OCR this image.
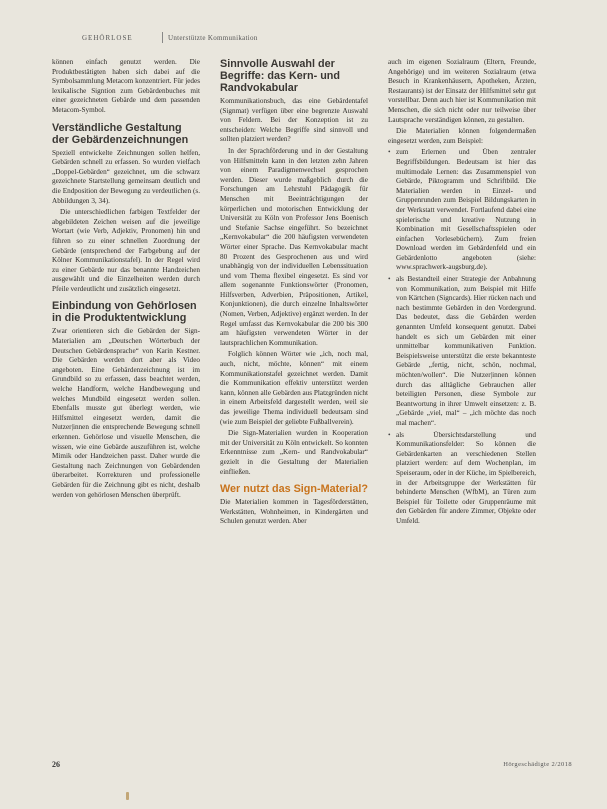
GEHÖRLOSE	Unterstützte Kommunikation

können einfach genutzt werden. Die Produktbestätigten haben sich dabei auf die Symbolsammlung Metacom konzentriert. Für jedes lexikalische Signtion zum Gebärdenbuches mit einer gezeichneten Gebärde und dem passenden Metacom-Symbol.

Verständliche Gestaltung der Gebärdenzeichnungen

Speziell entwickelte Zeichnungen sollen helfen, Gebärden schnell zu erfassen. So wurden vielfach „Doppel-Gebärden“ gezeichnet, um die schwarz gezeichnete Startstellung gemeinsam deutlich und die Endposition der Bewegung zu verdeutlichen (s. Abbildungen 3, 34).

Die unterschiedlichen farbigen Textfelder der abgebildeten Zeichen weisen auf die jeweilige Wortart (wie Verb, Adjektiv, Pronomen) hin und führen so zu einer schnellen Zuordnung der Gebärde (entsprechend der Farbgebung auf der Kölner Kommunikationstafel). In der Regel wird zu einer Gebärde nur das benannte Handzeichen ausgewählt und die Einzelheiten werden durch Pfeile verdeutlicht und zusätzlich eingesetzt.

Einbindung von Gehörlosen in die Produktentwicklung

Zwar orientieren sich die Gebärden der Sign-Materialien am „Deutschen Wörterbuch der Deutschen Gebärdensprache“ von Karin Kestner. Die Gebärden werden dort aber als Video angeboten. Eine Gebärdenzeichnung ist im Grundbild so zu erfassen, dass beachtet werden, welche Handform, welche Handbewegung und welches Mundbild eingesetzt werden sollen. Ebenfalls musste gut überlegt werden, wie Hilfsmittel eingesetzt werden, damit die Nutzer|innen die entsprechende Bewegung schnell erkennen. Gehörlose und visuelle Menschen, die wissen, wie eine Gebärde auszuführen ist, welche Mimik oder Handzeichen passt. Daher wurde die Gestaltung nach Zeichnungen von Gebärdenden überarbeitet. Korrekturen und professionelle Gebärden für die Zeichnung gibt es nicht, deshalb werden von gehörlosen Menschen überprüft.

Sinnvolle Auswahl der Begriffe: das Kern- und Randvokabular

Kommunikationsbuch, das eine Gebärdentafel (Signmat) verfügen über eine begrenzte Auswahl von Feldern. Bei der Konzeption ist zu entscheiden: Welche Begriffe sind sinnvoll und sollten platziert werden?

In der Sprachförderung und in der Gestaltung von Hilfsmitteln kann in den letzten zehn Jahren von einem Paradigmenwechsel gesprochen werden. Dieser wurde maßgeblich durch die Forschungen am Lehrstuhl Pädagogik für Menschen mit Beeinträchtigungen der körperlichen und motorischen Entwicklung der Universität zu Köln von Professor Jens Boenisch und Stefanie Sachse eingeführt. So bezeichnet „Kernvokabular“ die 200 häufigsten verwendeten Wörter einer Sprache. Das Kernvokabular macht 80 Prozent des Gesprochenen aus und wird unabhängig von der individuellen Lebenssituation und vom Thema flexibel eingesetzt. Es sind vor allem sogenannte Funktionswörter (Pronomen, Hilfsverben, Adverbien, Präpositionen, Artikel, Konjunktionen), die durch einzelne Inhaltswörter (Nomen, Verben, Adjektive) ergänzt werden. In der Regel umfasst das Kernvokabular die 200 bis 300 am häufigsten verwendeten Wörter in der lautsprachlichen Kommunikation.

Folglich können Wörter wie „ich, noch mal, auch, nicht, möchte, können“ mit einem Kommunikationstafel gezeichnet werden. Damit die Kommunikation effektiv unterstützt werden kann, können alle Gebärden aus Platzgründen nicht in einem Arbeitsfeld dargestellt werden, weil sie das jeweilige Thema individuell bedeutsam sind (wie zum Beispiel der geliebte Fußballverein).

Die Sign-Materialien wurden in Kooperation mit der Universität zu Köln entwickelt. So konnten Erkenntnisse zum „Kern- und Randvokabular“ gezielt in die Gestaltung der Materialien einfließen.

Wer nutzt das Sign-Material?

Die Materialien kommen in Tagesförderstätten, Werkstätten, Wohnheimen, in Kindergärten und Schulen genutzt werden. Aber

auch im eigenen Sozialraum (Eltern, Freunde, Angehörige) und im weiteren Sozialraum (etwa Besuch in Krankenhäusern, Apotheken, Ärzten, Restaurants) ist der Einsatz der Hilfsmittel sehr gut vorstellbar. Denn auch hier ist Kommunikation mit Menschen, die sich nicht oder nur teilweise über Lautsprache verständigen können, zu gestalten.

Die Materialien können folgendermaßen eingesetzt werden, zum Beispiel:

• zum Erlernen und Üben zentraler Begriffsbildungen. Bedeutsam ist hier das multimodale Lernen: das Zusammenspiel von Gebärde, Piktogramm und Schriftbild. Die Materialien werden in Einzel- und Gruppenrunden zum Beispiel Bildungskarten in der Werkstatt verwendet. Fortlaufend dabei eine spielerische und kreative Nutzung in Kombination mit Gesellschaftsspielen oder einfachen Vorlesebüchern). Zum freien Download werden im Gebärdenfeld und ein Gebärdenlotto angeboten (siehe: www.sprachwerk-augsburg.de).
• als Bestandteil einer Strategie der Anbahnung von Kommunikation, zum Beispiel mit Hilfe von Kärtchen (Signcards). Hier rücken nach und nach bestimmte Gebärden in den Vordergrund. Das bedeutet, dass die Gebärden werden genannten Umfeld konsequent genutzt. Dabei handelt es sich um Gebärden mit einer unmittelbar kommunikativen Funktion. Beispielsweise unterstützt die erste bekannteste Gebärde „fertig, nicht, schön, nochmal, möchten/wollen“. Die Nutzer|innen können durch das alltägliche Gebrauchen aller beteiligten Personen, diese Symbole zur Beantwortung in ihrer Umwelt einsetzen: z. B. „Gebärde „viel, mal“ – „ich möchte das noch mal machen“.
• als Übersichtsdarstellung und Kommunikationsfelder: So können die Gebärdenkarten an verschiedenen Stellen platziert werden: auf dem Wochenplan, im Speiseraum, oder in der Küche, im Spielbereich, in der Arbeitsgruppe der Werkstätten für behinderte Menschen (WfbM), an Türen zum Beispiel für Toilette oder Gruppenräume mit den Gebärden für andere Zimmer, Objekte oder Umfeld.
26	Hörgeschädigte 2/2018
